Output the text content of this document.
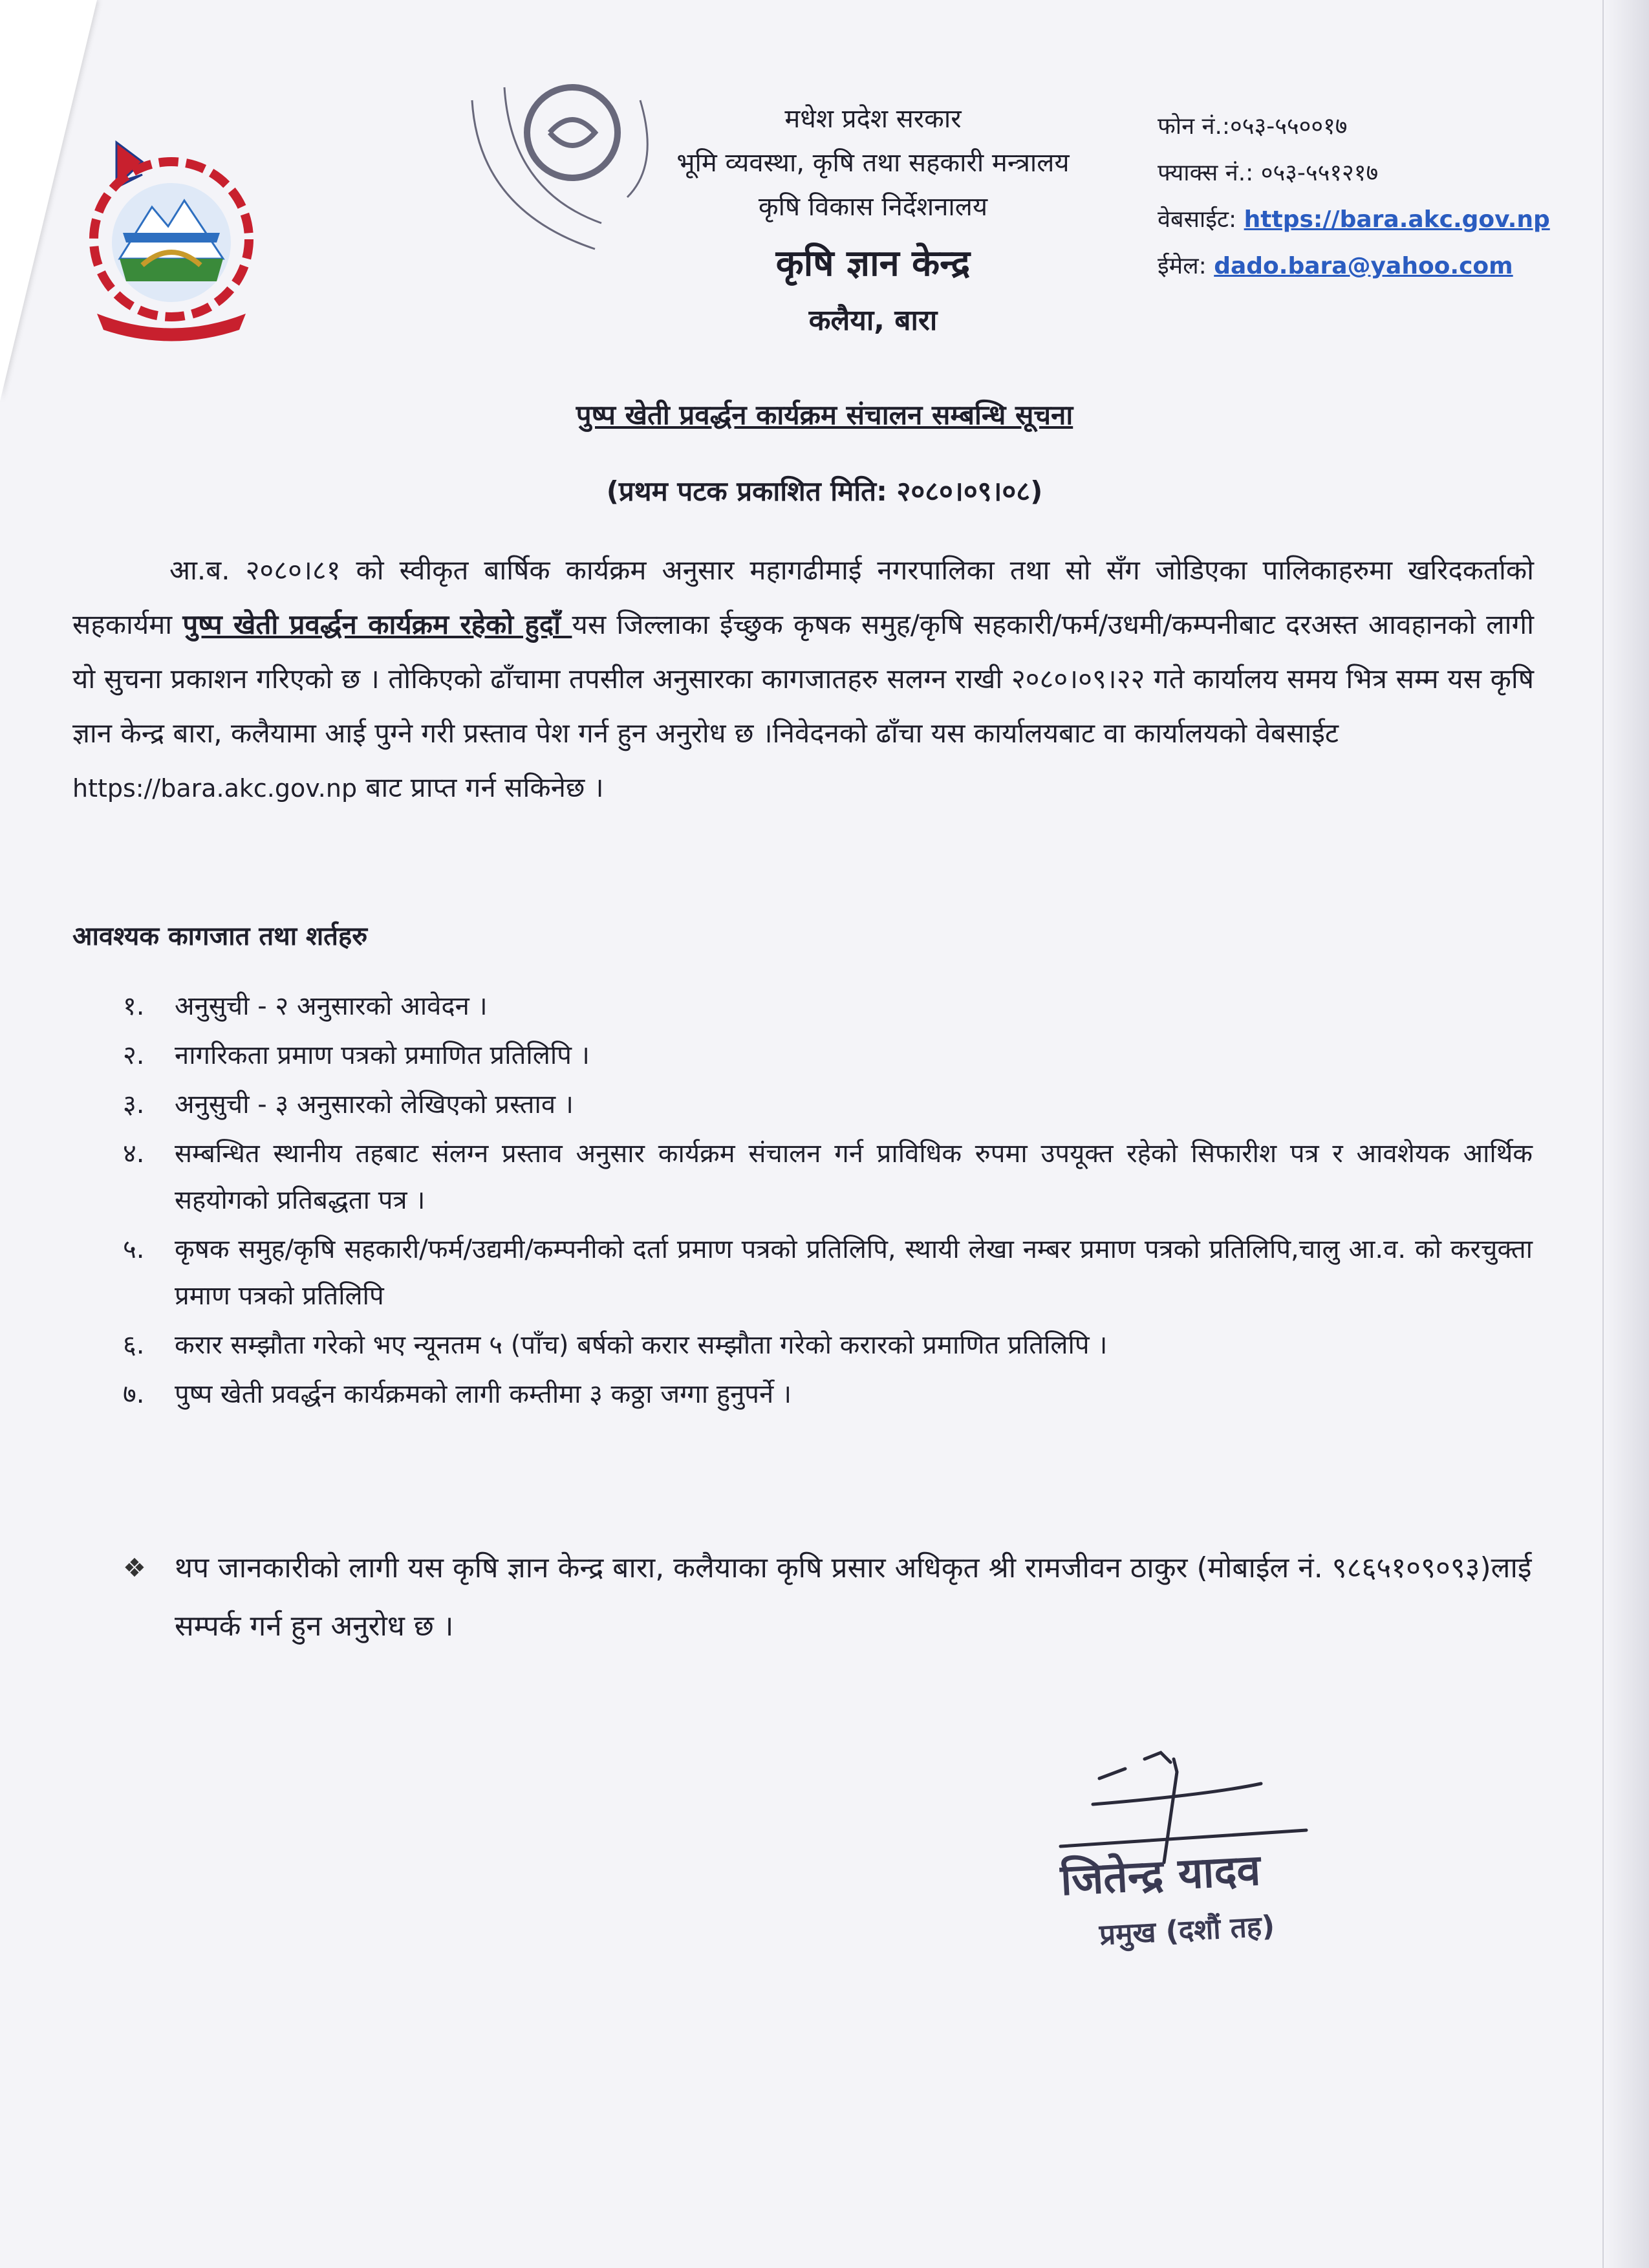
मधेश प्रदेश सरकार
भूमि व्यवस्था, कृषि तथा सहकारी मन्त्रालय
कृषि विकास निर्देशनालय
कृषि ज्ञान केन्द्र
कलैया, बारा
फोन नं.:०५३-५५००१७
फ्याक्स नं.: ०५३-५५१२१७
वेबसाईट: https://bara.akc.gov.np
ईमेल: dado.bara@yahoo.com
पुष्प खेती प्रवर्द्धन कार्यक्रम संचालन सम्बन्धि सूचना
(प्रथम पटक प्रकाशित मिति: २०८०।०९।०८)
आ.ब. २०८०।८१ को स्वीकृत बार्षिक कार्यक्रम अनुसार महागढीमाई नगरपालिका तथा सो सँग जोडिएका पालिकाहरुमा खरिदकर्ताको सहकार्यमा पुष्प खेती प्रवर्द्धन कार्यक्रम रहेको हुदाँ यस जिल्लाका ईच्छुक कृषक समुह/कृषि सहकारी/फर्म/उधमी/कम्पनीबाट दरअस्त आवहानको लागी यो सुचना प्रकाशन गरिएको छ । तोकिएको ढाँचामा तपसील अनुसारका कागजातहरु सलग्न राखी २०८०।०९।२२ गते कार्यालय समय भित्र सम्म यस कृषि ज्ञान केन्द्र बारा, कलैयामा आई पुग्ने गरी प्रस्ताव पेश गर्न हुन अनुरोध छ ।निवेदनको ढाँचा यस कार्यालयबाट वा कार्यालयको वेबसाईट
https://bara.akc.gov.np बाट प्राप्त गर्न सकिनेछ ।
आवश्यक कागजात तथा शर्तहरु
१. अनुसुची - २ अनुसारको आवेदन ।
२. नागरिकता प्रमाण पत्रको प्रमाणित प्रतिलिपि ।
३. अनुसुची - ३ अनुसारको लेखिएको प्रस्ताव ।
४. सम्बन्धित स्थानीय तहबाट संलग्न प्रस्ताव अनुसार कार्यक्रम संचालन गर्न प्राविधिक रुपमा उपयूक्त रहेको सिफारीश पत्र र आवशेयक आर्थिक सहयोगको प्रतिबद्धता पत्र ।
५. कृषक समुह/कृषि सहकारी/फर्म/उद्यमी/कम्पनीको दर्ता प्रमाण पत्रको प्रतिलिपि, स्थायी लेखा नम्बर प्रमाण पत्रको प्रतिलिपि,चालु आ.व. को करचुक्ता प्रमाण पत्रको प्रतिलिपि
६. करार सम्झौता गरेको भए न्यूनतम ५ (पाँच) बर्षको करार सम्झौता गरेको करारको प्रमाणित प्रतिलिपि ।
७. पुष्प खेती प्रवर्द्धन कार्यक्रमको लागी कम्तीमा ३ कठ्ठा जग्गा हुनुपर्ने ।
❖ थप जानकारीको लागी यस कृषि ज्ञान केन्द्र बारा, कलैयाका कृषि प्रसार अधिकृत श्री रामजीवन ठाकुर (मोबाईल नं. ९८६५१०९०९३)लाई सम्पर्क गर्न हुन अनुरोध छ ।
जितेन्द्र यादव
प्रमुख (दशौं तह)
